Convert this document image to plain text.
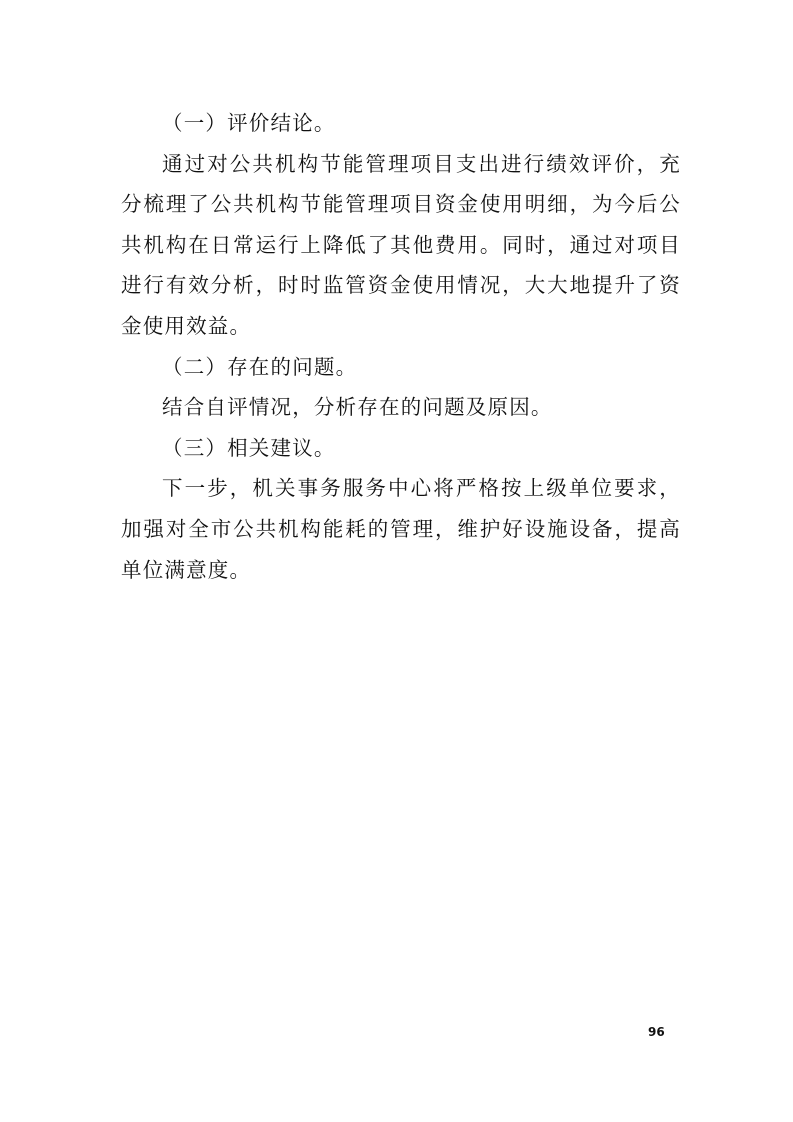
（一）评价结论。

通过对公共机构节能管理项目支出进行绩效评价，充分梳理了公共机构节能管理项目资金使用明细，为今后公共机构在日常运行上降低了其他费用。同时，通过对项目进行有效分析，时时监管资金使用情况，大大地提升了资金使用效益。

（二）存在的问题。

结合自评情况，分析存在的问题及原因。

（三）相关建议。

下一步，机关事务服务中心将严格按上级单位要求，加强对全市公共机构能耗的管理，维护好设施设备，提高单位满意度。

96
